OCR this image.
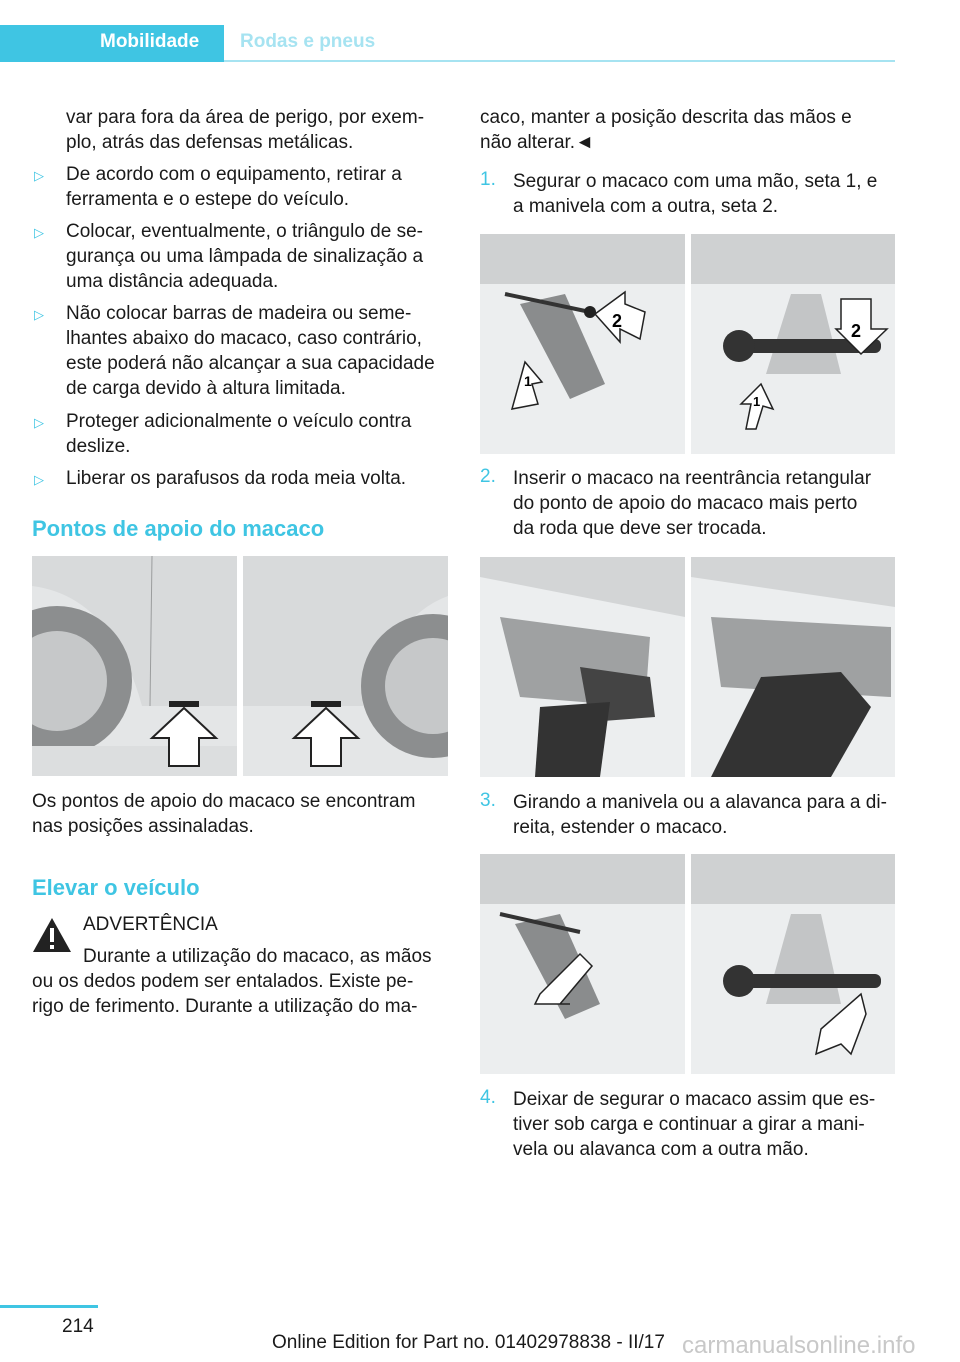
Mobilidade Rodas e pneus
var para fora da área de perigo, por exem-
plo, atrás das defensas metálicas.
▷ De acordo com o equipamento, retirar a
ferramenta e o estepe do veículo.
▷ Colocar, eventualmente, o triângulo de se-
gurança ou uma lâmpada de sinalização a
uma distância adequada.
▷ Não colocar barras de madeira ou seme-
lhantes abaixo do macaco, caso contrário,
este poderá não alcançar a sua capacidade
de carga devido à altura limitada.
▷ Proteger adicionalmente o veículo contra
deslize.
▷ Liberar os parafusos da roda meia volta.
Pontos de apoio do macaco
Os pontos de apoio do macaco se encontram
nas posições assinaladas.
Elevar o veículo
ADVERTÊNCIA
Durante a utilização do macaco, as mãos
ou os dedos podem ser entalados. Existe pe-
rigo de ferimento. Durante a utilização do ma-
caco, manter a posição descrita das mãos e
não alterar.◄
1. Segurar o macaco com uma mão, seta 1, e
a manivela com a outra, seta 2.
2. Inserir o macaco na reentrância retangular
do ponto de apoio do macaco mais perto
da roda que deve ser trocada.
3. Girando a manivela ou a alavanca para a di-
reita, estender o macaco.
4. Deixar de segurar o macaco assim que es-
tiver sob carga e continuar a girar a mani-
vela ou alavanca com a outra mão.
2
1
2
1
214
Online Edition for Part no. 01402978838 - II/17 carmanualsonline.info
